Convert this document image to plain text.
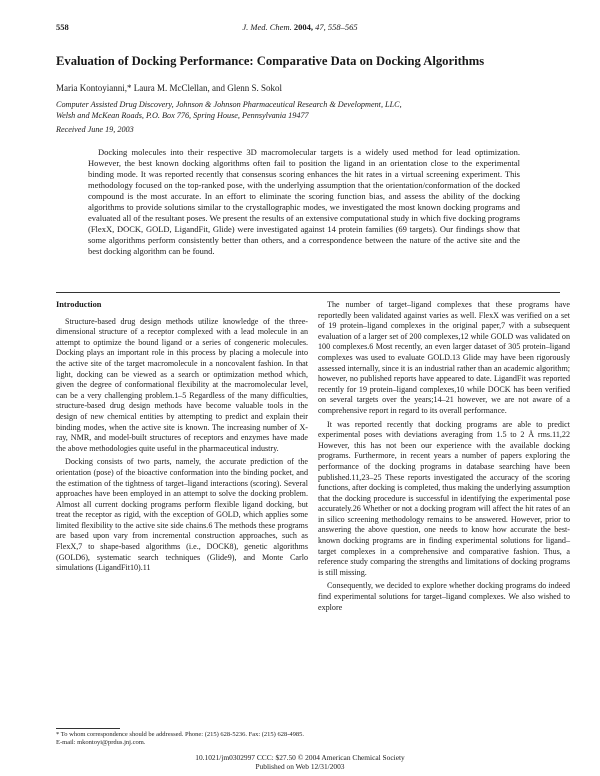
558	J. Med. Chem. 2004, 47, 558–565
Evaluation of Docking Performance: Comparative Data on Docking Algorithms
Maria Kontoyianni,* Laura M. McClellan, and Glenn S. Sokol
Computer Assisted Drug Discovery, Johnson & Johnson Pharmaceutical Research & Development, LLC,
Welsh and McKean Roads, P.O. Box 776, Spring House, Pennsylvania 19477
Received June 19, 2003
Docking molecules into their respective 3D macromolecular targets is a widely used method for lead optimization. However, the best known docking algorithms often fail to position the ligand in an orientation close to the experimental binding mode. It was reported recently that consensus scoring enhances the hit rates in a virtual screening experiment. This methodology focused on the top-ranked pose, with the underlying assumption that the orientation/conformation of the docked compound is the most accurate. In an effort to eliminate the scoring function bias, and assess the ability of the docking algorithms to provide solutions similar to the crystallographic modes, we investigated the most known docking programs and evaluated all of the resultant poses. We present the results of an extensive computational study in which five docking programs (FlexX, DOCK, GOLD, LigandFit, Glide) were investigated against 14 protein families (69 targets). Our findings show that some algorithms perform consistently better than others, and a correspondence between the nature of the active site and the best docking algorithm can be found.
Introduction

Structure-based drug design methods utilize knowledge of the three-dimensional structure of a receptor complexed with a lead molecule in an attempt to optimize the bound ligand or a series of congeneric molecules. Docking plays an important role in this process by placing a molecule into the active site of the target macromolecule in a noncovalent fashion. In that light, docking can be viewed as a search or optimization method which, given the degree of conformational flexibility at the macromolecular level, can be a very challenging problem.1–5 Regardless of the many difficulties, structure-based drug design methods have become valuable tools in the design of new chemical entities by attempting to predict and explain their binding modes, when the active site is known. The increasing number of X-ray, NMR, and model-built structures of receptors and enzymes have made the above methodologies quite useful in the pharmaceutical industry.

Docking consists of two parts, namely, the accurate prediction of the orientation (pose) of the bioactive conformation into the binding pocket, and the estimation of the tightness of target–ligand interactions (scoring). Several approaches have been employed in an attempt to solve the docking problem. Almost all current docking programs perform flexible ligand docking, but treat the receptor as rigid, with the exception of GOLD, which applies some limited flexibility to the active site side chains.6 The methods these programs are based upon vary from incremental construction approaches, such as FlexX,7 to shape-based algorithms (i.e., DOCK8), genetic algorithms (GOLD6), systematic search techniques (Glide9), and Monte Carlo simulations (LigandFit10).11

The number of target–ligand complexes that these programs have reportedly been validated against varies as well. FlexX was verified on a set of 19 protein–ligand complexes in the original paper,7 with a subsequent evaluation of a larger set of 200 complexes,12 while GOLD was validated on 100 complexes.6 Most recently, an even larger dataset of 305 protein–ligand complexes was used to evaluate GOLD.13 Glide may have been rigorously assessed internally, since it is an industrial rather than an academic algorithm; however, no published reports have appeared to date. LigandFit was reported recently for 19 protein–ligand complexes,10 while DOCK has been verified on several targets over the years;14–21 however, we are not aware of a comprehensive report in regard to its overall performance.

It was reported recently that docking programs are able to predict experimental poses with deviations averaging from 1.5 to 2 Å rms.11,22 However, this has not been our experience with the available docking programs. Furthermore, in recent years a number of papers exploring the performance of the docking programs in database searching have been published.11,23–25 These reports investigated the accuracy of the scoring functions, after docking is completed, thus making the underlying assumption that the docking procedure is successful in identifying the experimental pose accurately.26 Whether or not a docking program will affect the hit rates of an in silico screening methodology remains to be answered. However, prior to answering the above question, one needs to know how accurate the best-known docking programs are in finding experimental solutions for ligand–target complexes in a comprehensive and comparative fashion. Thus, a reference study comparing the strengths and limitations of docking programs is still missing.

Consequently, we decided to explore whether docking programs do indeed find experimental solutions for target–ligand complexes. We also wished to explore

* To whom correspondence should be addressed. Phone: (215) 628-5236. Fax: (215) 628-4985. E-mail: mkontoyi@prdus.jnj.com.
10.1021/jm0302997 CCC: $27.50 © 2004 American Chemical Society
Published on Web 12/31/2003
